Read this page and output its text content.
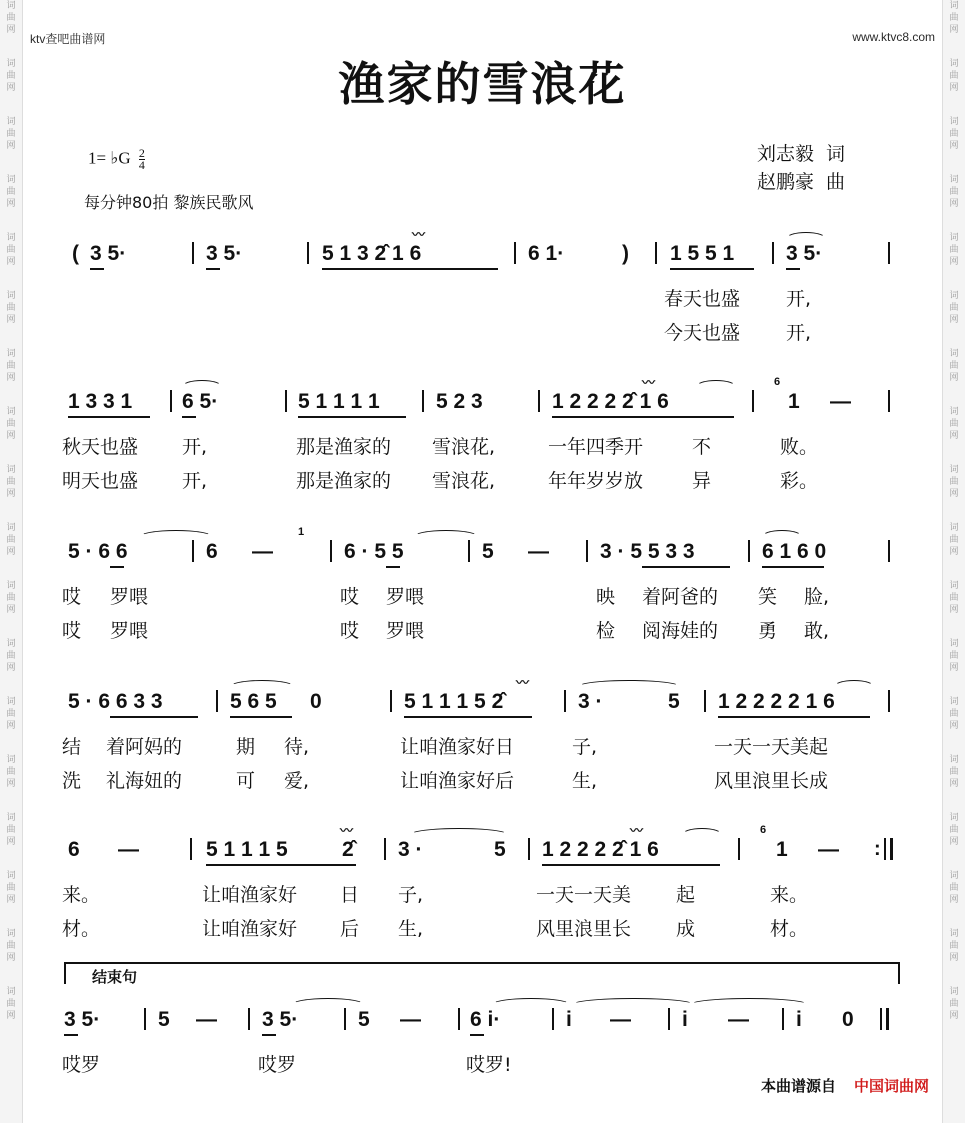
词
曲
网
词
曲
网
词
曲
网
词
曲
网
词
曲
网
词
曲
网
词
曲
网
词
曲
网
词
曲
网
词
曲
网
词
曲
网
词
曲
网
词
曲
网
词
曲
网
词
曲
网
词
曲
网
词
曲
网
词
曲
网
词
曲
网
词
曲
网
词
曲
网
词
曲
网
词
曲
网
词
曲
网
词
曲
网
词
曲
网
词
曲
网
词
曲
网
词
曲
网
词
曲
网
词
曲
网
词
曲
网
词
曲
网
词
曲
网
词
曲
网
词
曲
网
ktv查吧曲谱网	www.ktvc8.com
渔家的雪浪花
1= ♭G $\frac{2}{4}$
每分钟80拍 黎族民歌风
刘志毅 词
赵鹏豪 曲
( 3 5·	3 5·	5 1 3 2̂ 1 6
〰
6 1·	) 1 5 5 1 3 5·
春天也盛 开,
今天也盛 开,
1 3 3 1 6 5·	5 1 1 1 1	5 2 3	1 2 2 2 2̂ 1 6
〰	6
1 —
秋天也盛 开,	那是渔家的 雪浪花,	一年四季开	不	败。
明天也盛 开,	那是渔家的 雪浪花,	年年岁岁放	异	彩。
5 · 6 6	6 —
1
6 · 5 5	5 — 3 · 5 5 3 3	6 1 6 0
哎 罗喂	哎 罗喂	映 着阿爸的 笑 脸,
哎 罗喂	哎 罗喂	检 阅海娃的 勇 敢,
5 · 6 6 3 3	5 6 5 0	5 1 1 1 5 2̂
〰
3 ·	5 1 2 2 2 2 1 6
结 着阿妈的	期 待,	让咱渔家好日	子,	一天一天美起
洗 礼海妞的	可 爱,	让咱渔家好后	生,	风里浪里长成
6 —	5 1 1 1 5	2̂
〰
3 ·	5 1 2 2 2 2̂ 1 6
〰	6
1 — :
来。	让咱渔家好 日 子,	一天一天美 起	来。
材。	让咱渔家好 后 生,	风里浪里长 成	材。
结束句
3 5·	5 — 3 5·	5 — 6 i·	i — i — i 0
哎罗	哎罗	哎罗!
本曲谱源自 中国词曲网
